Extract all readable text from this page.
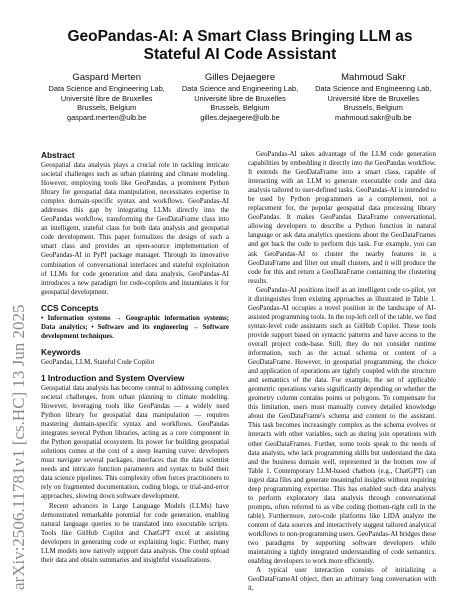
arXiv:2506.11781v1 [cs.HC] 13 Jun 2025
GeoPandas-AI: A Smart Class Bringing LLM as Stateful AI Code Assistant
Gaspard Merten
Data Science and Engineering Lab,
Université libre de Bruxelles
Brussels, Belgium
gaspard.merten@ulb.be
Gilles Dejaegere
Data Science and Engineering Lab,
Université libre de Bruxelles
Brussels, Belgium
gilles.dejaegere@ulb.be
Mahmoud Sakr
Data Science and Engineering Lab,
Université libre de Bruxelles
Brussels, Belgium
mahmoud.sakr@ulb.be

Abstract

Geospatial data analysis plays a crucial role in tackling intricate societal challenges such as urban planning and climate modeling. However, employing tools like GeoPandas, a prominent Python library for geospatial data manipulation, necessitates expertise in complex domain-specific syntax and workflows. GeoPandas-AI addresses this gap by integrating LLMs directly into the GeoPandas workflow, transforming the GeoDataFrame class into an intelligent, stateful class for both data analysis and geospatial code development. This paper formalizes the design of such a smart class and provides an open-source implementation of GeoPandas-AI in PyPI package manager. Through its innovative combination of conversational interfaces and stateful exploitation of LLMs for code generation and data analysis, GeoPandas-AI introduces a new paradigm for code-copilots and instantiates it for geospatial development.

CCS Concepts

• Information systems → Geographic information systems; Data analytics; • Software and its engineering → Software development techniques.

Keywords

GeoPandas, LLM, Stateful Code Copilot

1 Introduction and System Overview

Geospatial data analysis has become central to addressing complex societal challenges, from urban planning to climate modeling. However, leveraging tools like GeoPandas — a widely used Python library for geospatial data manipulation — requires mastering domain-specific syntax and workflows. GeoPandas integrates several Python libraries, acting as a core component in the Python geospatial ecosystem. Its power for building geospatial solutions comes at the cost of a steep learning curve: developers must navigate several packages, interfaces that the data scientist needs and intricate function parameters and syntax to build their data science pipelines. This complexity often forces practitioners to rely on fragmented documentation, coding blogs, or trial-and-error approaches, slowing down software development.

Recent advances in Large Language Models (LLMs) have demonstrated remarkable potential for code generation, enabling natural language queries to be translated into executable scripts. Tools like GitHub Copilot and ChatGPT excel at assisting developers in generating code or explaining logic. Further, many LLM models now natively support data analysis. One could upload their data and obtain summaries and insightful visualizations.

GeoPandas-AI takes advantage of the LLM code generation capabilities by embedding it directly into the GeoPandas workflow. It extends the GeoDataFrame into a smart class, capable of interacting with an LLM to generate executable code and data analysis tailored to user-defined tasks. GeoPandas-AI is intended to be used by Python programmers as a complement, not a replacement for, the popular geospatial data processing library GeoPandas. It makes GeoPandas DataFrame conversational, allowing developers to describe a Python function in natural language or ask data analytics questions about the GeoDataFrames and get back the code to perform this task. For example, you can ask GeoPandas-AI to cluster the nearby features in a GeoDataFrame and filter out small clusters, and it will produce the code for this and return a GeoDataFrame containing the clustering results.

GeoPandas-AI positions itself as an intelligent code co-pilot, yet it distinguishes from existing approaches as illustrated in Table 1. GeoPandas-AI occupies a novel position in the landscape of AI-assisted programming tools. In the top-left cell of the table, we find syntax-level code assistants such as GitHub Copilot. These tools provide support based on syntactic patterns and have access to the overall project code-base. Still, they do not consider runtime information, such as the actual schema or content of a GeoDataFrame. However, in geospatial programming, the choice and application of operations are tightly coupled with the structure and semantics of the data. For example, the set of applicable geometric operations varies significantly depending on whether the geometry column contains points or polygons. To compensate for this limitation, users must manually convey detailed knowledge about the GeoDataFrame's schema and content to the assistant. This task becomes increasingly complex as the schema evolves or interacts with other variables, such as during join operations with other GeoDataFrames. Further, some tools speak to the needs of data analysts, who lack programming skills but understand the data and the business domain well, represented in the bottom row of Table 1. Contemporary LLM-based chatbots (e.g., ChatGPT) can ingest data files and generate meaningful insights without requiring deep programming expertise. This has enabled such data analysts to perform exploratory data analysis through conversational prompts, often referred to as vibe coding (bottom-right cell in the table). Furthermore, zero-code platforms like LIDA analyze the content of data sources and interactively suggest tailored analytical workflows to non-programming users. GeoPandas-AI bridges these two paradigms by supporting software developers while maintaining a tightly integrated understanding of code semantics, enabling developers to work more efficiently.

A typical user interaction consists of initializing a GeoDataFrameAI object, then an arbitrary long conversation with it,
